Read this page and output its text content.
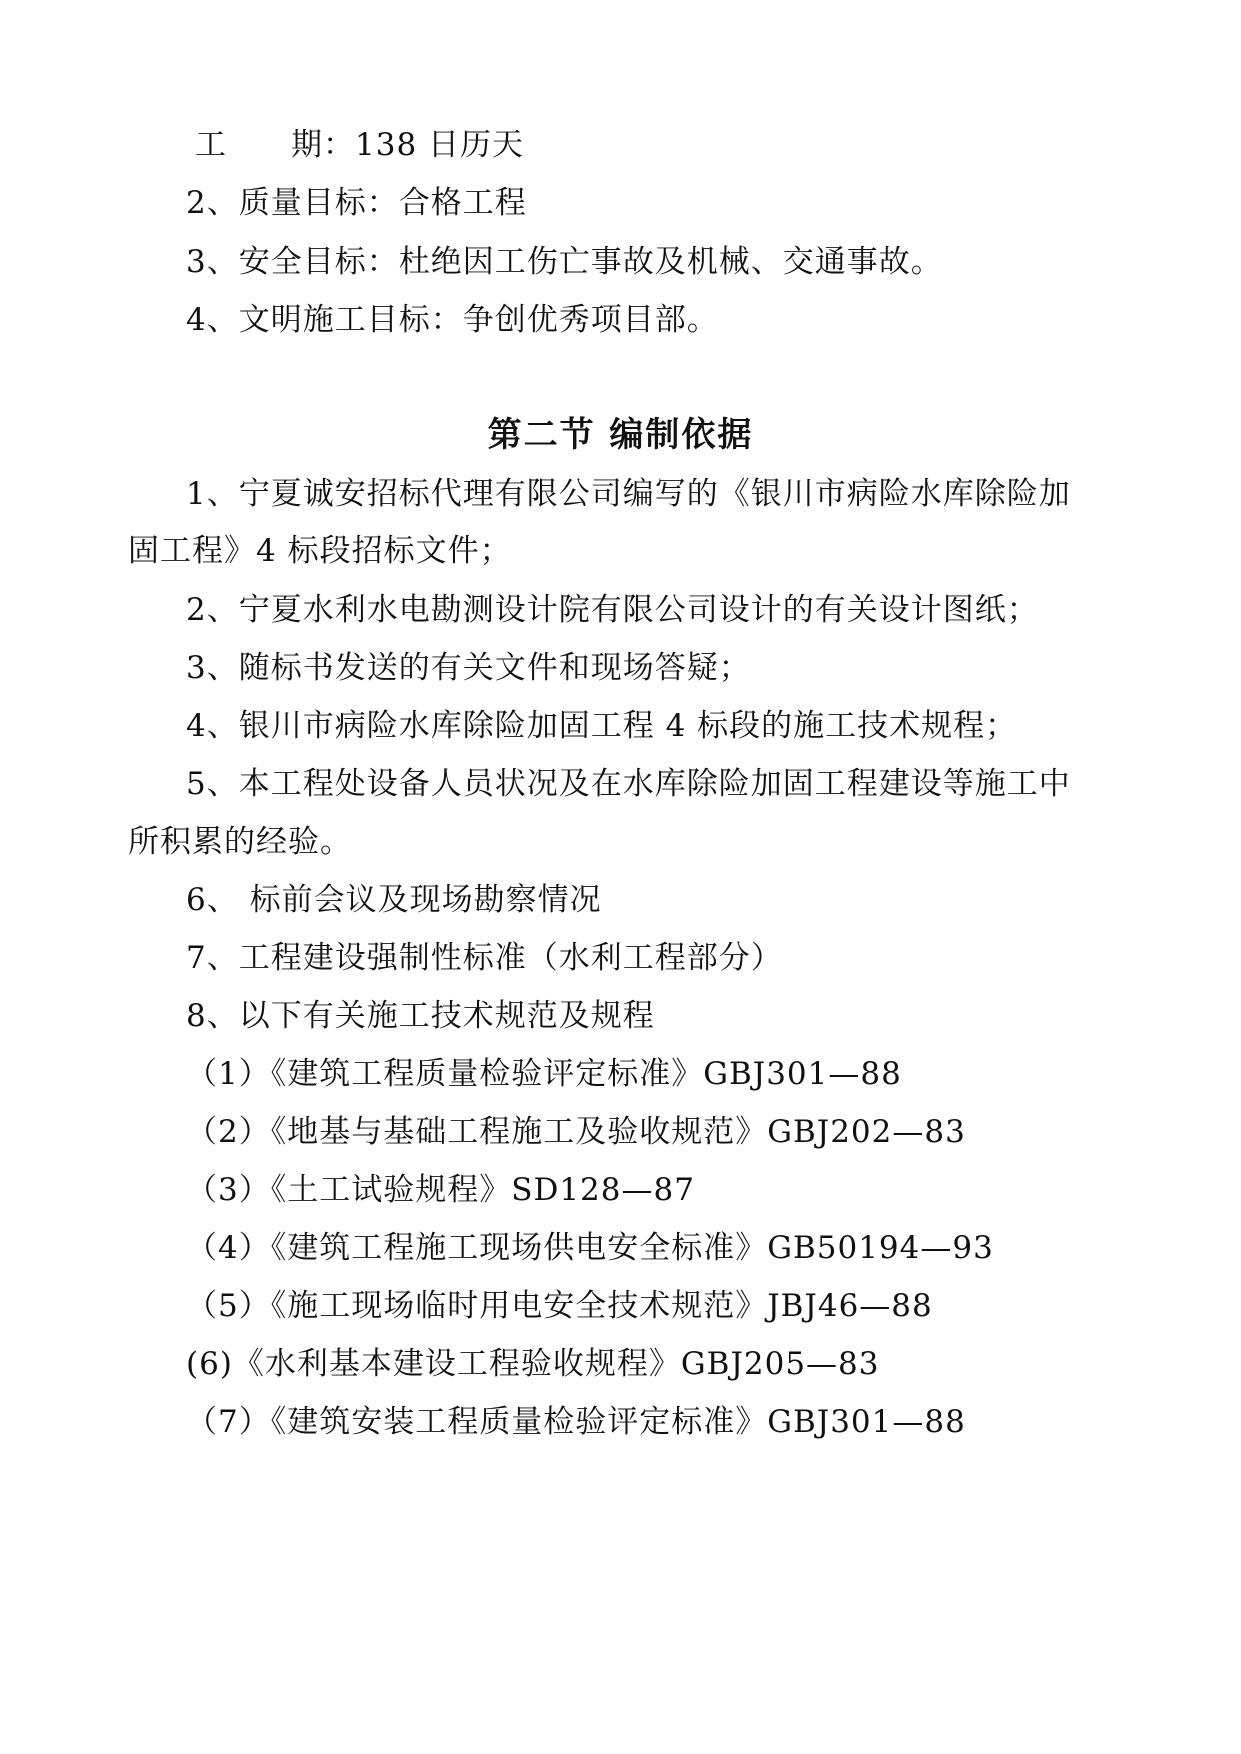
工 期：138 日历天
2、质量目标：合格工程
3、安全目标：杜绝因工伤亡事故及机械、交通事故。
4、文明施工目标：争创优秀项目部。
第二节 编制依据
1、宁夏诚安招标代理有限公司编写的《银川市病险水库除险加
固工程》4 标段招标文件；
2、宁夏水利水电勘测设计院有限公司设计的有关设计图纸；
3、随标书发送的有关文件和现场答疑；
4、银川市病险水库除险加固工程 4 标段的施工技术规程；
5、本工程处设备人员状况及在水库除险加固工程建设等施工中
所积累的经验。
6、 标前会议及现场勘察情况
7、工程建设强制性标准（水利工程部分）
8、以下有关施工技术规范及规程
（1）《建筑工程质量检验评定标准》GBJ301—88
（2）《地基与基础工程施工及验收规范》GBJ202—83
（3）《土工试验规程》SD128—87
（4）《建筑工程施工现场供电安全标准》GB50194—93
（5）《施工现场临时用电安全技术规范》JBJ46—88
(6)《水利基本建设工程验收规程》GBJ205—83
（7）《建筑安装工程质量检验评定标准》GBJ301—88
